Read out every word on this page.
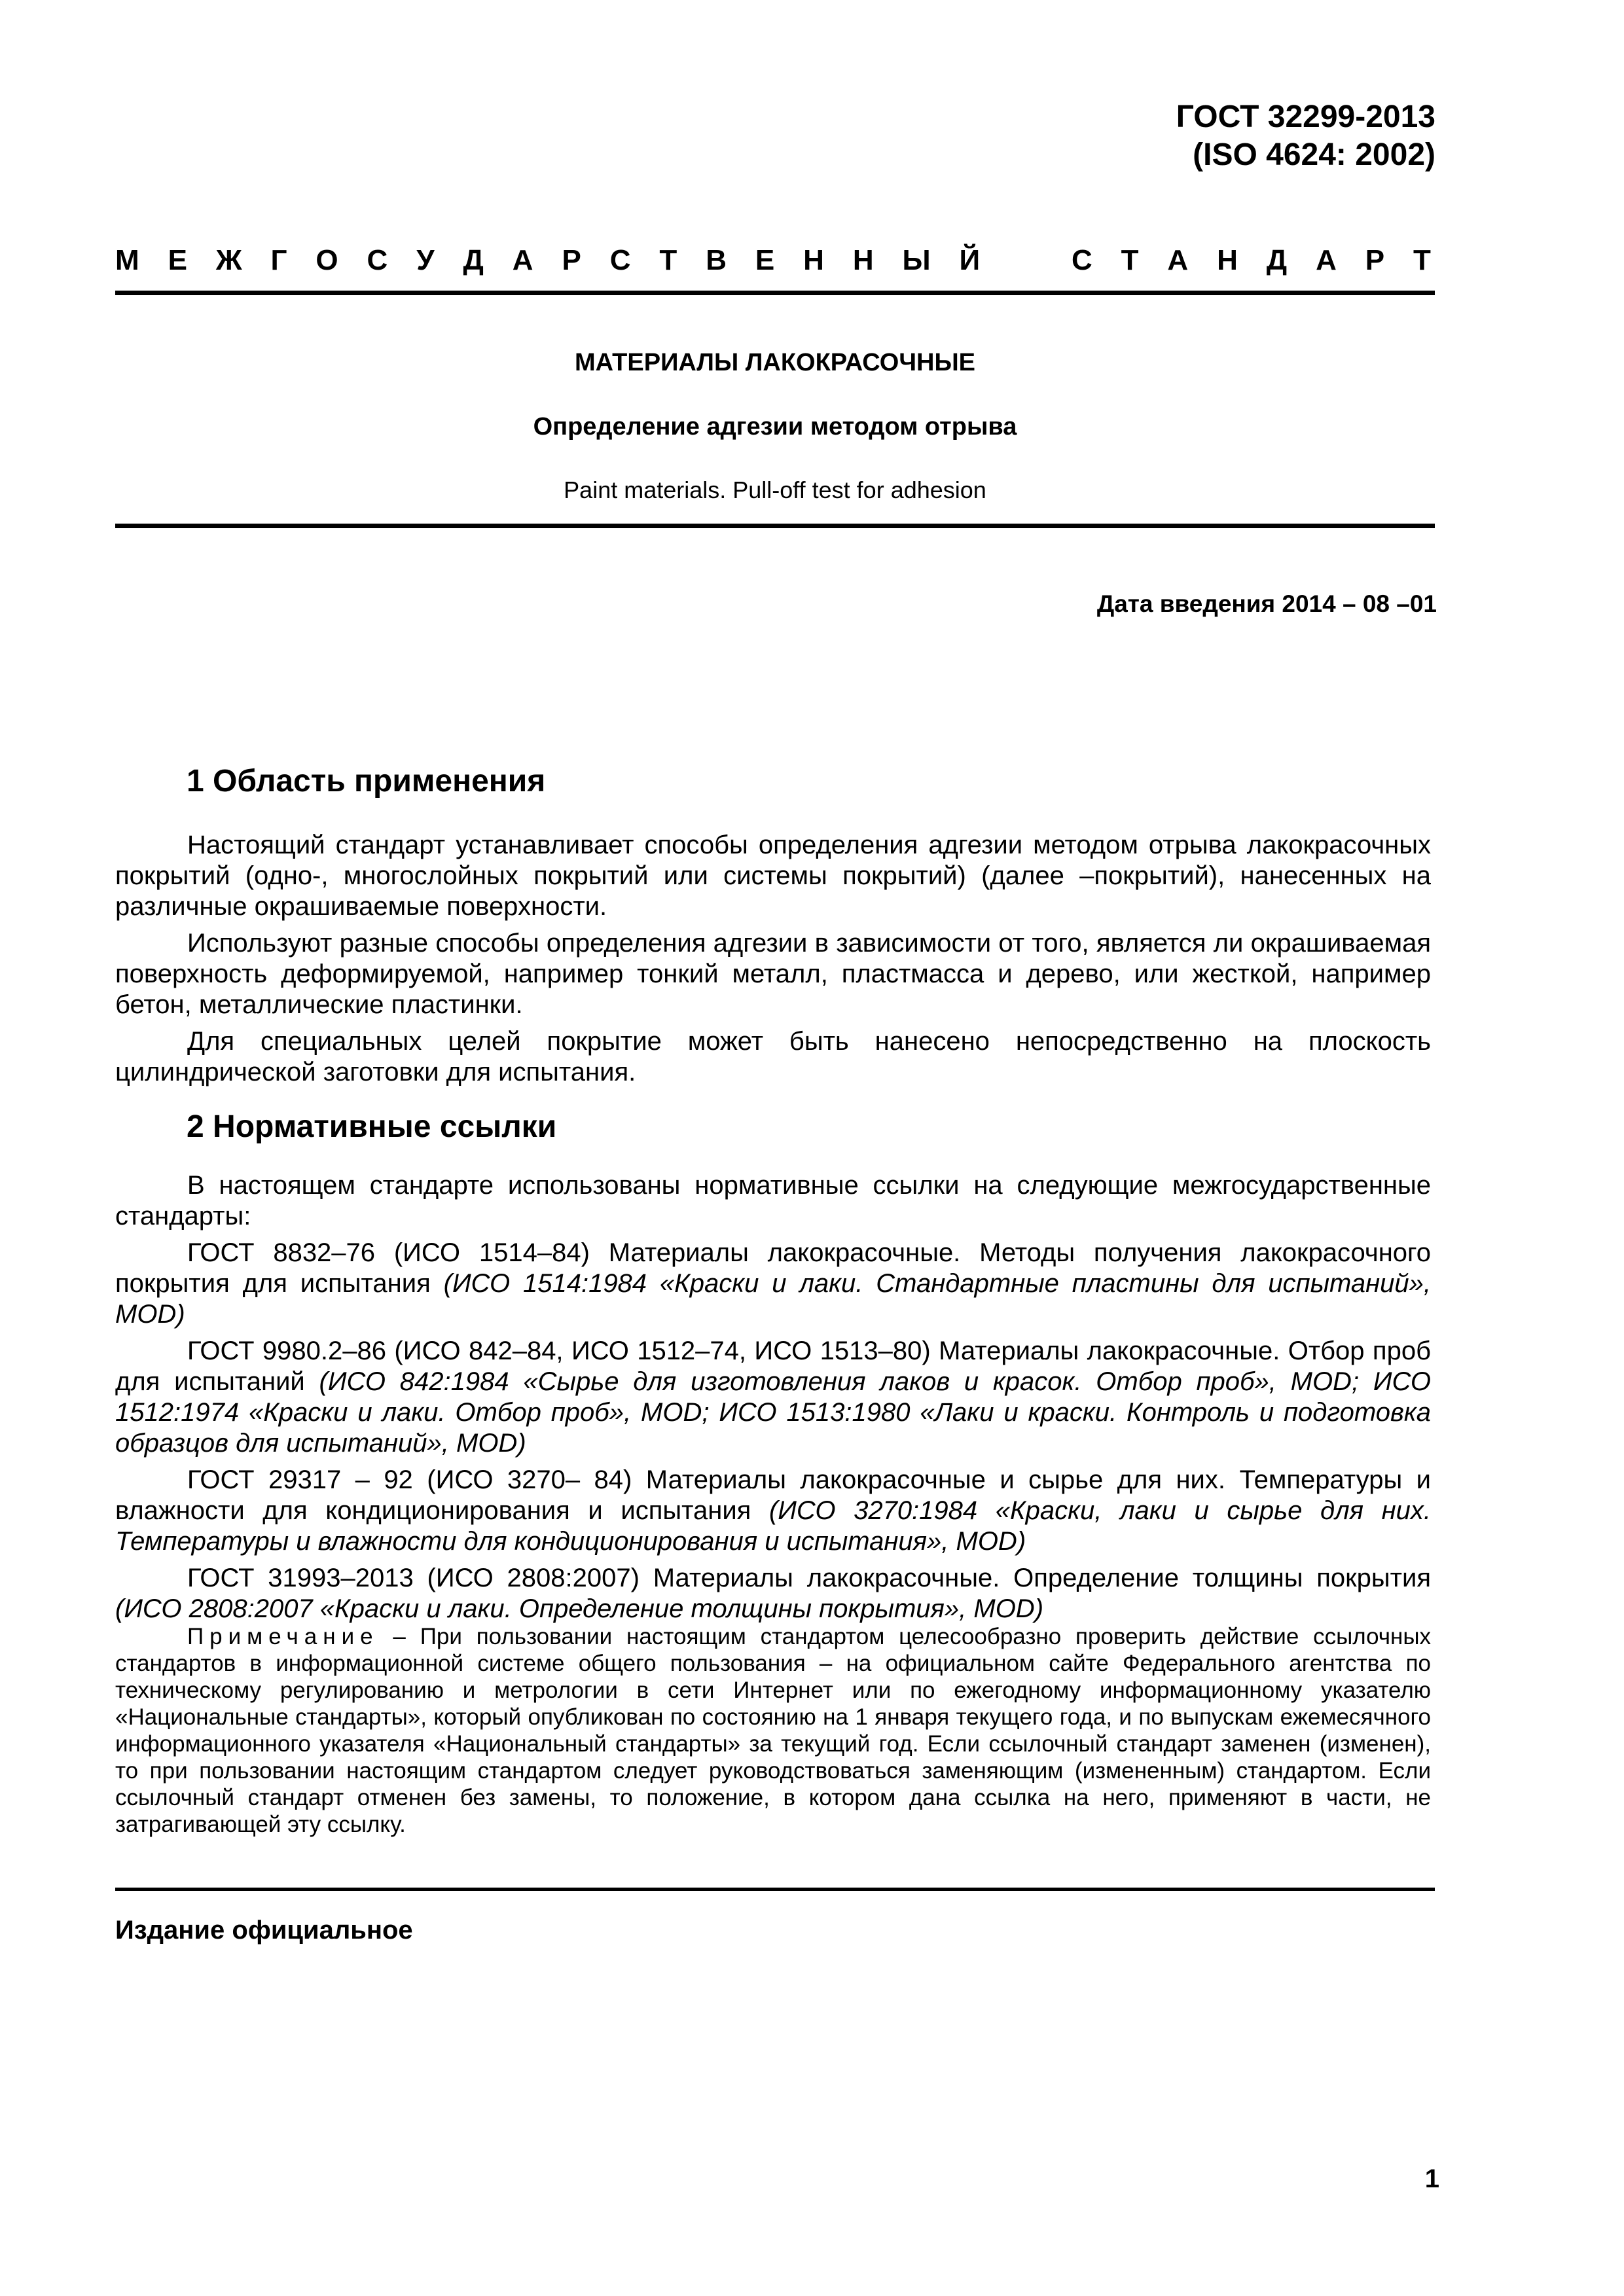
ГОСТ 32299-2013
(ISO 4624: 2002)
М Е Ж Г О С У Д А Р С Т В Е Н Н Ы Й	С Т А Н Д А Р Т
МАТЕРИАЛЫ ЛАКОКРАСОЧНЫЕ
Определение адгезии методом отрыва
Paint materials. Pull-off test for adhesion
Дата введения 2014 – 08 –01
1 Область применения

Настоящий стандарт устанавливает способы определения адгезии методом отрыва лакокрасочных покрытий (одно-, многослойных покрытий или системы покрытий) (далее –покрытий), нанесенных на различные окрашиваемые поверхности.

Используют разные способы определения адгезии в зависимости от того, является ли окрашиваемая поверхность деформируемой, например тонкий металл, пластмасса и дерево, или жесткой, например бетон, металлические пластинки.

Для специальных целей покрытие может быть нанесено непосредственно на плоскость цилиндрической заготовки для испытания.

2 Нормативные ссылки

В настоящем стандарте использованы нормативные ссылки на следующие межгосударственные стандарты:

ГОСТ 8832–76 (ИСО 1514–84) Материалы лакокрасочные. Методы получения лакокрасочного покрытия для испытания (ИСО 1514:1984 «Краски и лаки. Стандартные пластины для испытаний», MOD)

ГОСТ 9980.2–86 (ИСО 842–84, ИСО 1512–74, ИСО 1513–80) Материалы лакокрасочные. Отбор проб для испытаний (ИСО 842:1984 «Сырье для изготовления лаков и красок. Отбор проб», MOD; ИСО 1512:1974 «Краски и лаки. Отбор проб», MOD; ИСО 1513:1980 «Лаки и краски. Контроль и подготовка образцов для испытаний», MOD)

ГОСТ 29317 – 92 (ИСО 3270– 84) Материалы лакокрасочные и сырье для них. Температуры и влажности для кондиционирования и испытания (ИСО 3270:1984 «Краски, лаки и сырье для них. Температуры и влажности для кондиционирования и испытания», MOD)

ГОСТ 31993–2013 (ИСО 2808:2007) Материалы лакокрасочные. Определение толщины покрытия (ИСО 2808:2007 «Краски и лаки. Определение толщины покрытия», MOD)

Примечание – При пользовании настоящим стандартом целесообразно проверить действие ссылочных стандартов в информационной системе общего пользования – на официальном сайте Федерального агентства по техническому регулированию и метрологии в сети Интернет или по ежегодному информационному указателю «Национальные стандарты», который опубликован по состоянию на 1 января текущего года, и по выпускам ежемесячного информационного указателя «Национальный стандарты» за текущий год. Если ссылочный стандарт заменен (изменен), то при пользовании настоящим стандартом следует руководствоваться заменяющим (измененным) стандартом. Если ссылочный стандарт отменен без замены, то положение, в котором дана ссылка на него, применяют в части, не затрагивающей эту ссылку.

Издание официальное
1
